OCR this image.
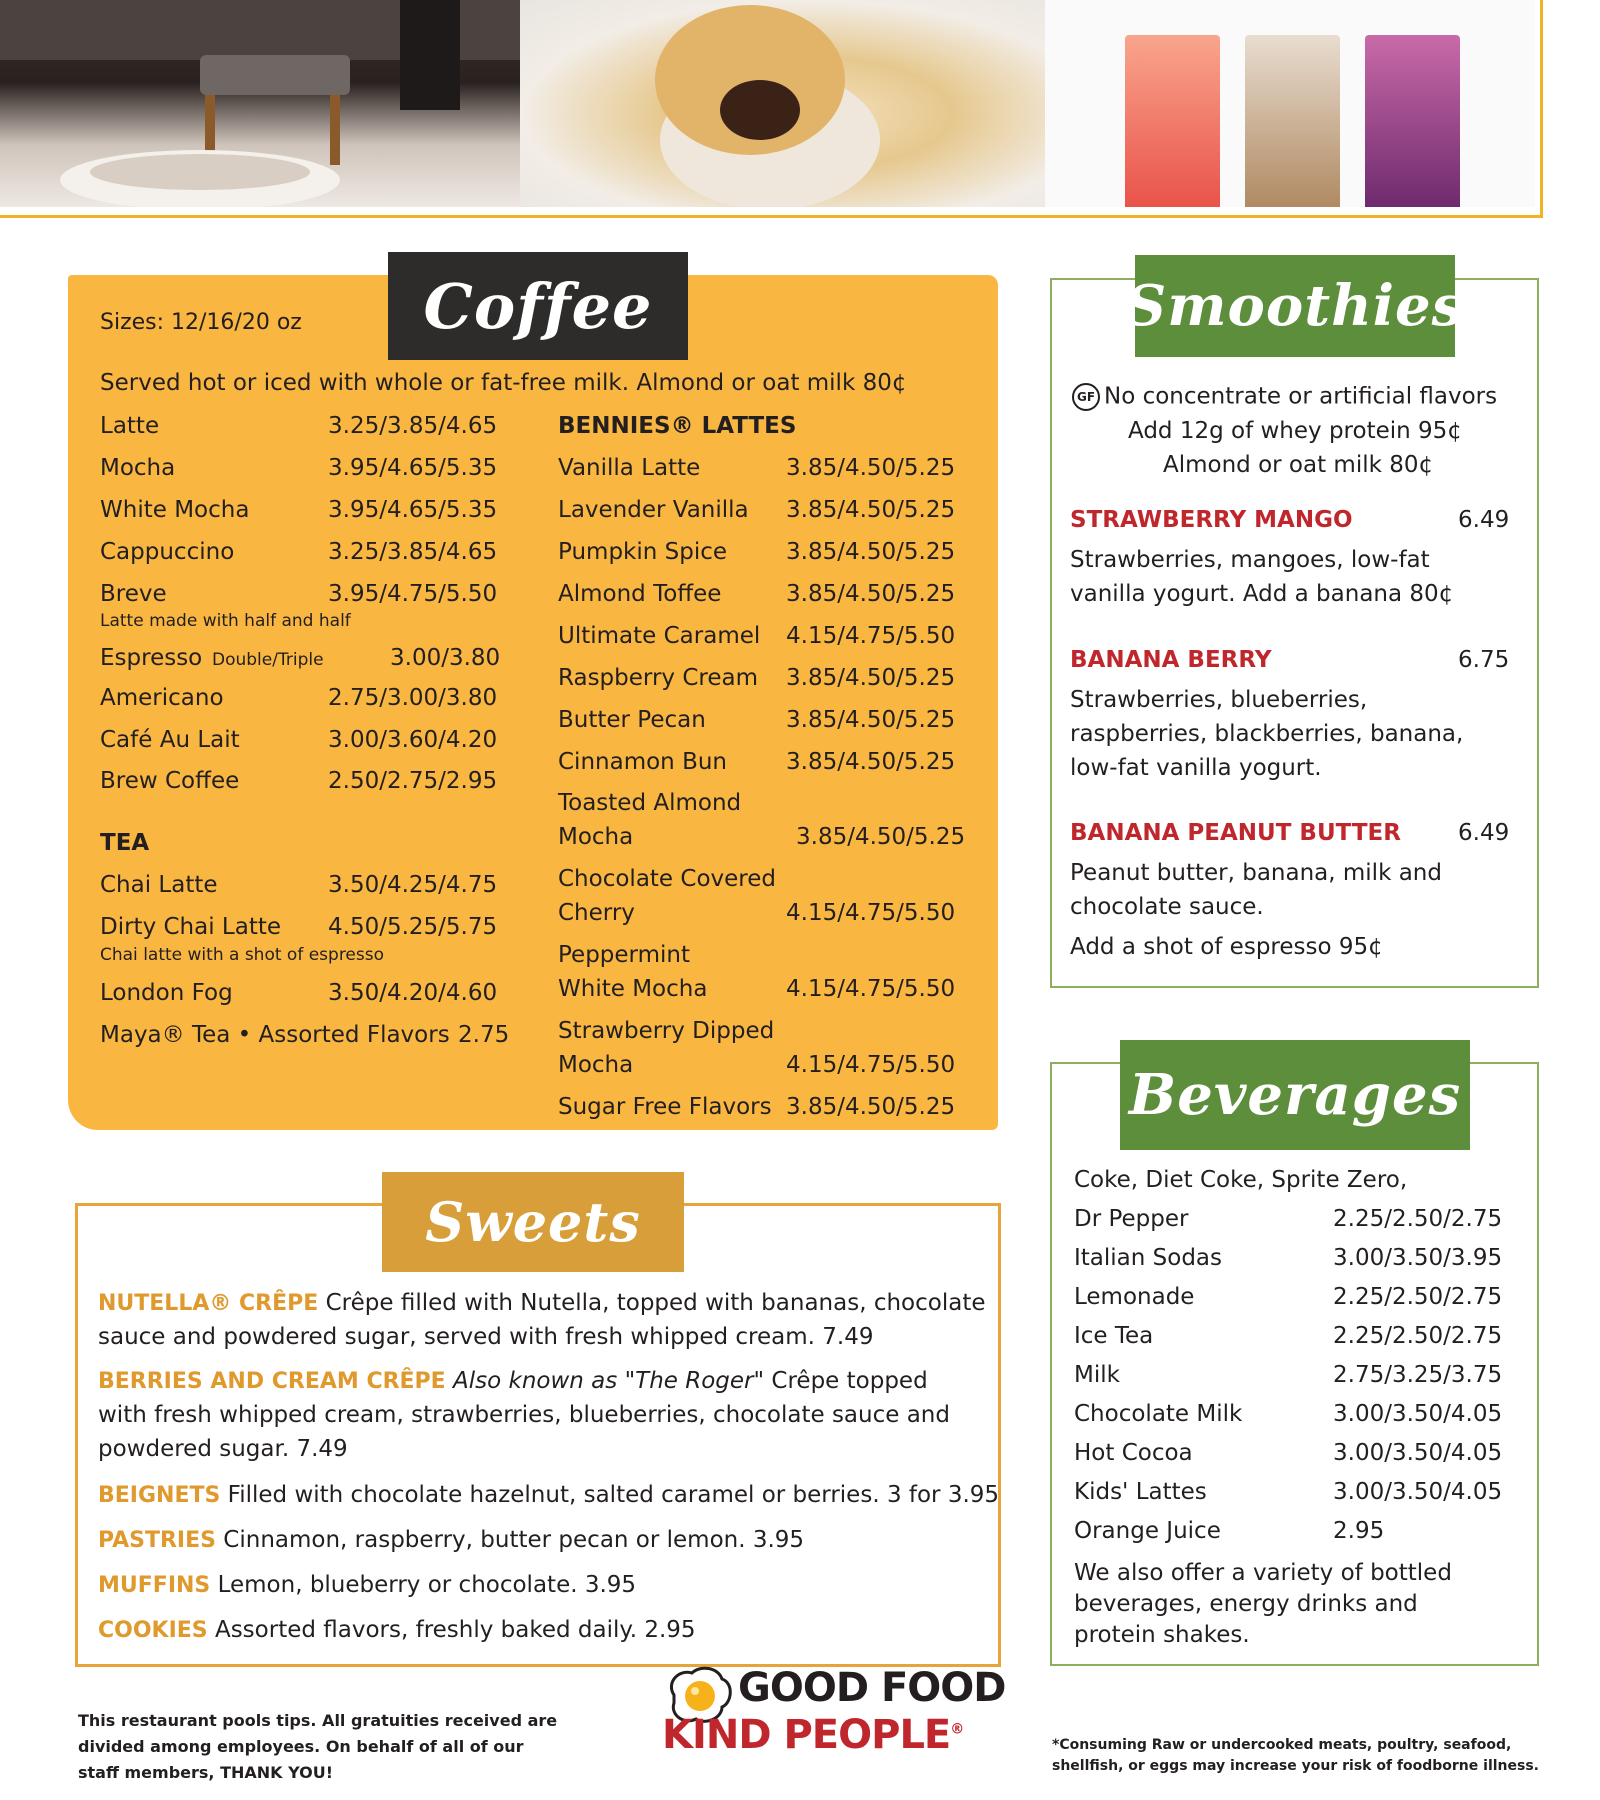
Coffee
Sizes: 12/16/20 oz
Served hot or iced with whole or fat-free milk. Almond or oat milk 80¢
Latte	3.25/3.85/4.65
Mocha	3.95/4.65/5.35
White Mocha	3.95/4.65/5.35
Cappuccino	3.25/3.85/4.65
Breve	3.95/4.75/5.50
Latte made with half and half
Espresso Double/Triple	3.00/3.80
Americano	2.75/3.00/3.80
Café Au Lait	3.00/3.60/4.20
Brew Coffee	2.50/2.75/2.95
TEA
Chai Latte	3.50/4.25/4.75
Dirty Chai Latte 4.50/5.25/5.75
Chai latte with a shot of espresso
London Fog	3.50/4.20/4.60
Maya® Tea • Assorted Flavors 2.75
BENNIES® LATTES
Vanilla Latte	3.85/4.50/5.25
Lavender Vanilla 3.85/4.50/5.25
Pumpkin Spice	3.85/4.50/5.25
Almond Toffee	3.85/4.50/5.25
Ultimate Caramel 4.15/4.75/5.50
Raspberry Cream 3.85/4.50/5.25
Butter Pecan	3.85/4.50/5.25
Cinnamon Bun	3.85/4.50/5.25
Toasted Almond
Mocha	3.85/4.50/5.25
Chocolate Covered
Cherry	4.15/4.75/5.50
Peppermint
White Mocha	4.15/4.75/5.50
Strawberry Dipped
Mocha	4.15/4.75/5.50
Sugar Free Flavors 3.85/4.50/5.25
Smoothies
GF No concentrate or artificial flavors
Add 12g of whey protein 95¢
Almond or oat milk 80¢
STRAWBERRY MANGO	6.49
Strawberries, mangoes, low-fat
vanilla yogurt. Add a banana 80¢
BANANA BERRY	6.75
Strawberries, blueberries,
raspberries, blackberries, banana,
low-fat vanilla yogurt.
BANANA PEANUT BUTTER 6.49
Peanut butter, banana, milk and
chocolate sauce.
Add a shot of espresso 95¢
Beverages
Coke, Diet Coke, Sprite Zero,
Dr Pepper	2.25/2.50/2.75
Italian Sodas	3.00/3.50/3.95
Lemonade	2.25/2.50/2.75
Ice Tea	2.25/2.50/2.75
Milk	2.75/3.25/3.75
Chocolate Milk	3.00/3.50/4.05
Hot Cocoa	3.00/3.50/4.05
Kids' Lattes	3.00/3.50/4.05
Orange Juice	2.95
We also offer a variety of bottled
beverages, energy drinks and
protein shakes.
Sweets
NUTELLA® CRÊPE Crêpe filled with Nutella, topped with bananas, chocolate
sauce and powdered sugar, served with fresh whipped cream. 7.49
BERRIES AND CREAM CRÊPE Also known as "The Roger" Crêpe topped
with fresh whipped cream, strawberries, blueberries, chocolate sauce and
powdered sugar. 7.49
BEIGNETS Filled with chocolate hazelnut, salted caramel or berries. 3 for 3.95
PASTRIES Cinnamon, raspberry, butter pecan or lemon. 3.95
MUFFINS Lemon, blueberry or chocolate. 3.95
COOKIES Assorted flavors, freshly baked daily. 2.95
This restaurant pools tips. All gratuities received are
divided among employees. On behalf of all of our
staff members, THANK YOU!
GOOD FOOD
KIND PEOPLE®
*Consuming Raw or undercooked meats, poultry, seafood,
shellfish, or eggs may increase your risk of foodborne illness.
